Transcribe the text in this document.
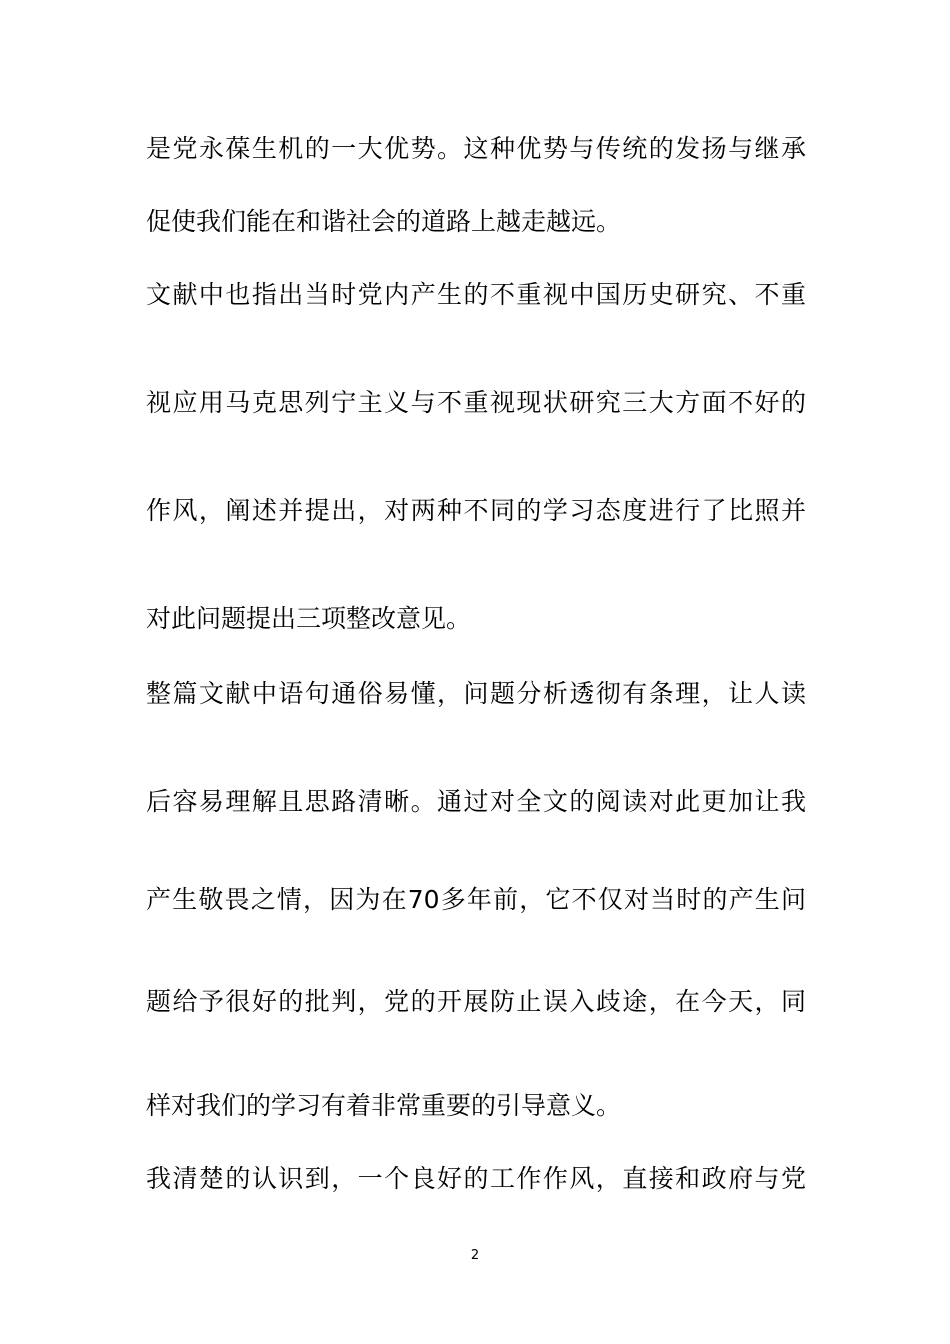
是党永葆生机的一大优势。这种优势与传统的发扬与继承
促使我们能在和谐社会的道路上越走越远。
文献中也指出当时党内产生的不重视中国历史研究、不重
视应用马克思列宁主义与不重视现状研究三大方面不好的
作风，阐述并提出，对两种不同的学习态度进行了比照并
对此问题提出三项整改意见。
整篇文献中语句通俗易懂，问题分析透彻有条理，让人读
后容易理解且思路清晰。通过对全文的阅读对此更加让我
产生敬畏之情，因为在70多年前，它不仅对当时的产生问
题给予很好的批判，党的开展防止误入歧途，在今天，同
样对我们的学习有着非常重要的引导意义。
我清楚的认识到，一个良好的工作作风，直接和政府与党
2
